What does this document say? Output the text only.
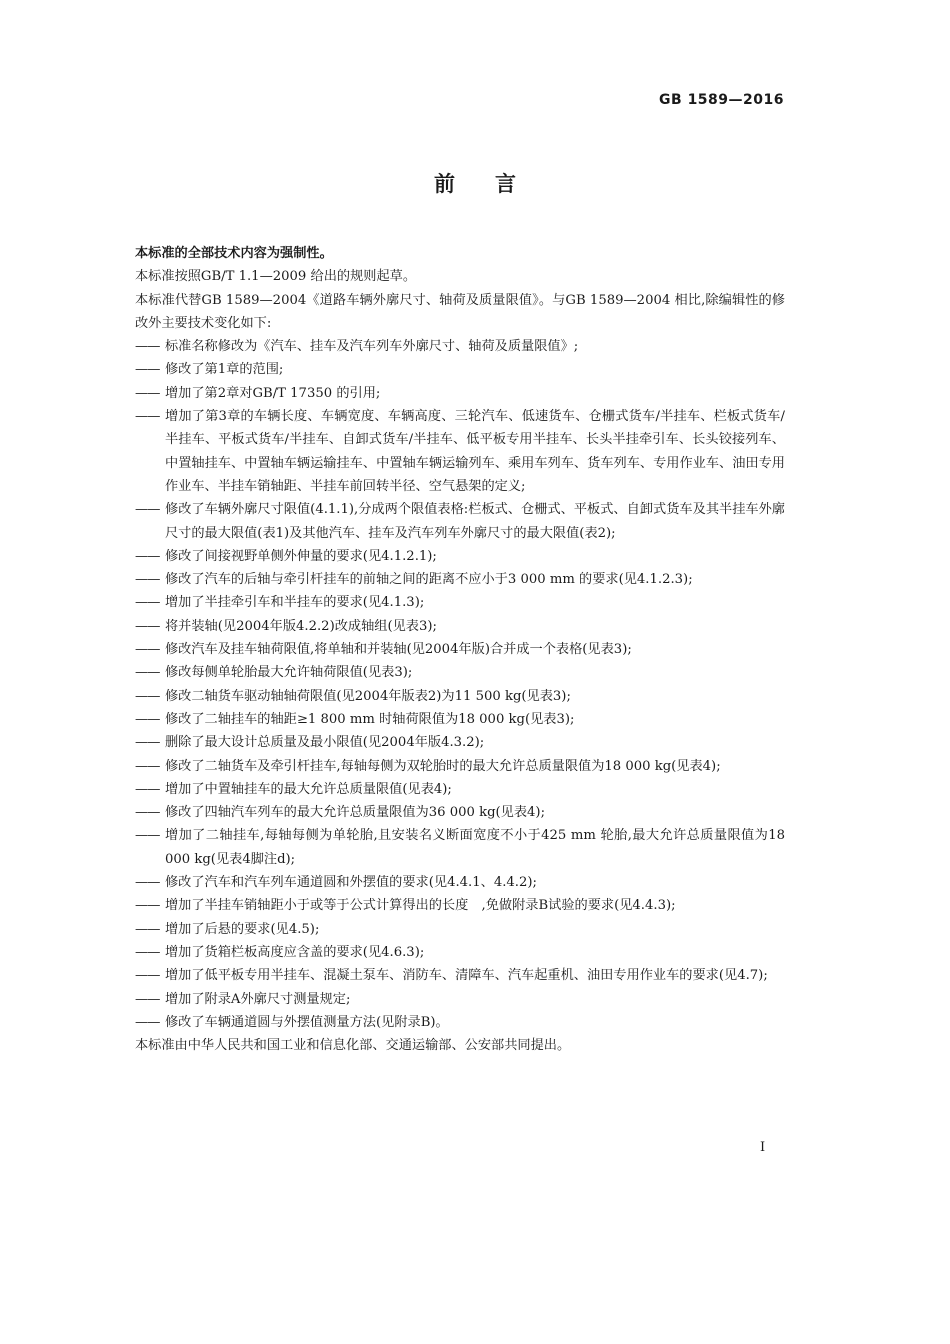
GB 1589—2016
前言

本标准的全部技术内容为强制性。

本标准按照GB/T 1.1—2009 给出的规则起草。

本标准代替GB 1589—2004《道路车辆外廓尺寸、轴荷及质量限值》。与GB 1589—2004 相比,除编辑性的修改外主要技术变化如下:

—— 标准名称修改为《汽车、挂车及汽车列车外廓尺寸、轴荷及质量限值》;
—— 修改了第1章的范围;
—— 增加了第2章对GB/T 17350 的引用;
—— 增加了第3章的车辆长度、车辆宽度、车辆高度、三轮汽车、低速货车、仓栅式货车/半挂车、栏板式货车/半挂车、平板式货车/半挂车、自卸式货车/半挂车、低平板专用半挂车、长头半挂牵引车、长头铰接列车、中置轴挂车、中置轴车辆运输挂车、中置轴车辆运输列车、乘用车列车、货车列车、专用作业车、油田专用作业车、半挂车销轴距、半挂车前回转半径、空气悬架的定义;
—— 修改了车辆外廓尺寸限值(4.1.1),分成两个限值表格:栏板式、仓栅式、平板式、自卸式货车及其半挂车外廓尺寸的最大限值(表1)及其他汽车、挂车及汽车列车外廓尺寸的最大限值(表2);
—— 修改了间接视野单侧外伸量的要求(见4.1.2.1);
—— 修改了汽车的后轴与牵引杆挂车的前轴之间的距离不应小于3 000 mm 的要求(见4.1.2.3);
—— 增加了半挂牵引车和半挂车的要求(见4.1.3);
—— 将并装轴(见2004年版4.2.2)改成轴组(见表3);
—— 修改汽车及挂车轴荷限值,将单轴和并装轴(见2004年版)合并成一个表格(见表3);
—— 修改每侧单轮胎最大允许轴荷限值(见表3);
—— 修改二轴货车驱动轴轴荷限值(见2004年版表2)为11 500 kg(见表3);
—— 修改了二轴挂车的轴距≥1 800 mm 时轴荷限值为18 000 kg(见表3);
—— 删除了最大设计总质量及最小限值(见2004年版4.3.2);
—— 修改了二轴货车及牵引杆挂车,每轴每侧为双轮胎时的最大允许总质量限值为18 000 kg(见表4);
—— 增加了中置轴挂车的最大允许总质量限值(见表4);
—— 修改了四轴汽车列车的最大允许总质量限值为36 000 kg(见表4);
—— 增加了二轴挂车,每轴每侧为单轮胎,且安装名义断面宽度不小于425 mm 轮胎,最大允许总质量限值为18 000 kg(见表4脚注d);
—— 修改了汽车和汽车列车通道圆和外摆值的要求(见4.4.1、4.4.2);
—— 增加了半挂车销轴距小于或等于公式计算得出的长度　,免做附录B试验的要求(见4.4.3);
—— 增加了后悬的要求(见4.5);
—— 增加了货箱栏板高度应含盖的要求(见4.6.3);
—— 增加了低平板专用半挂车、混凝土泵车、消防车、清障车、汽车起重机、油田专用作业车的要求(见4.7);
—— 增加了附录A外廓尺寸测量规定;
—— 修改了车辆通道圆与外摆值测量方法(见附录B)。

本标准由中华人民共和国工业和信息化部、交通运输部、公安部共同提出。

I
